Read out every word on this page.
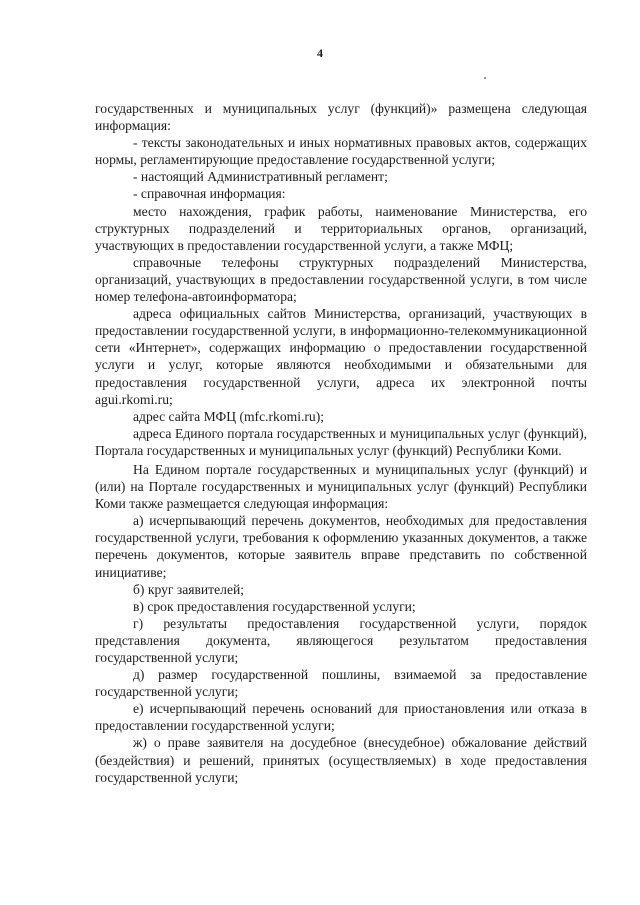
4

государственных и муниципальных услуг (функций)» размещена следующая информация:

- тексты законодательных и иных нормативных правовых актов, содержащих нормы, регламентирующие предоставление государственной услуги;

- настоящий Административный регламент;

- справочная информация:

место нахождения, график работы, наименование Министерства, его структурных подразделений и территориальных органов, организаций, участвующих в предоставлении государственной услуги, а также МФЦ;

справочные телефоны структурных подразделений Министерства, организаций, участвующих в предоставлении государственной услуги, в том числе номер телефона-автоинформатора;

адреса официальных сайтов Министерства, организаций, участвующих в предоставлении государственной услуги, в информационно-телекоммуникационной сети «Интернет», содержащих информацию о предоставлении государственной услуги и услуг, которые являются необходимыми и обязательными для предоставления государственной услуги, адреса их электронной почты agui.rkomi.ru;

адрес сайта МФЦ (mfc.rkomi.ru);

адреса Единого портала государственных и муниципальных услуг (функций), Портала государственных и муниципальных услуг (функций) Республики Коми.

На Едином портале государственных и муниципальных услуг (функций) и (или) на Портале государственных и муниципальных услуг (функций) Республики Коми также размещается следующая информация:

а) исчерпывающий перечень документов, необходимых для предоставления государственной услуги, требования к оформлению указанных документов, а также перечень документов, которые заявитель вправе представить по собственной инициативе;

б) круг заявителей;

в) срок предоставления государственной услуги;

г) результаты предоставления государственной услуги, порядок представления документа, являющегося результатом предоставления государственной услуги;

д) размер государственной пошлины, взимаемой за предоставление государственной услуги;

е) исчерпывающий перечень оснований для приостановления или отказа в предоставлении государственной услуги;

ж) о праве заявителя на досудебное (внесудебное) обжалование действий (бездействия) и решений, принятых (осуществляемых) в ходе предоставления государственной услуги;
